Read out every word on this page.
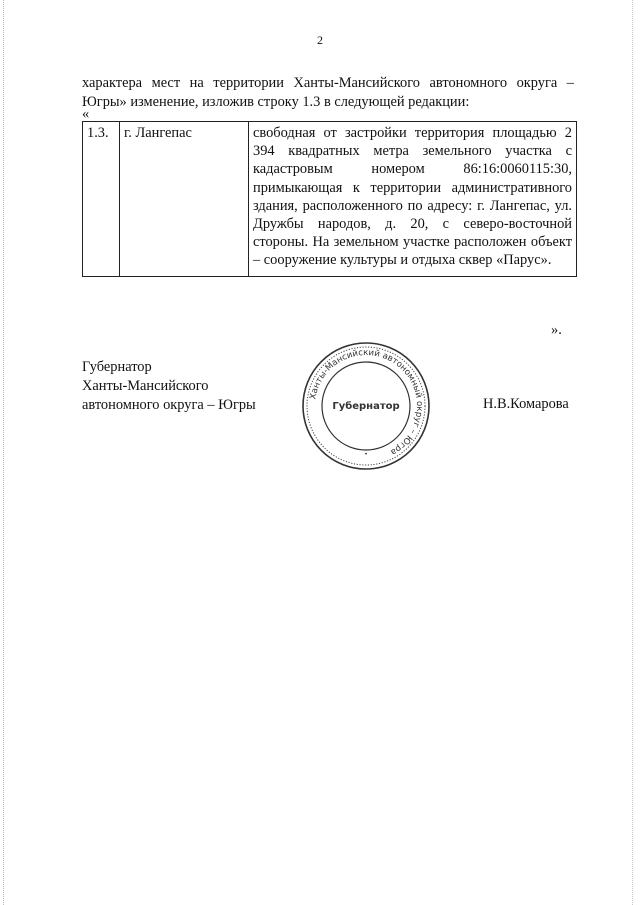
2
характера мест на территории Ханты-Мансийского автономного округа –
Югры» изменение, изложив строку 1.3 в следующей редакции:
«
1.3.	г. Лангепас	свободная от застройки территория площадью 2 394 квадратных метра земельного участка с кадастровым номером 86:16:0060115:30, примыкающая к территории административного здания, расположенного по адресу: г. Лангепас, ул. Дружбы народов, д. 20, с северо-восточной стороны. На земельном участке расположен объект – сооружение культуры и отдыха сквер «Парус».
».
Губернатор
Ханты-Мансийского
автономного округа – Югры
Ханты-Мансийский автономный округ – Югра
Губернатор
•
Н.В.Комарова
